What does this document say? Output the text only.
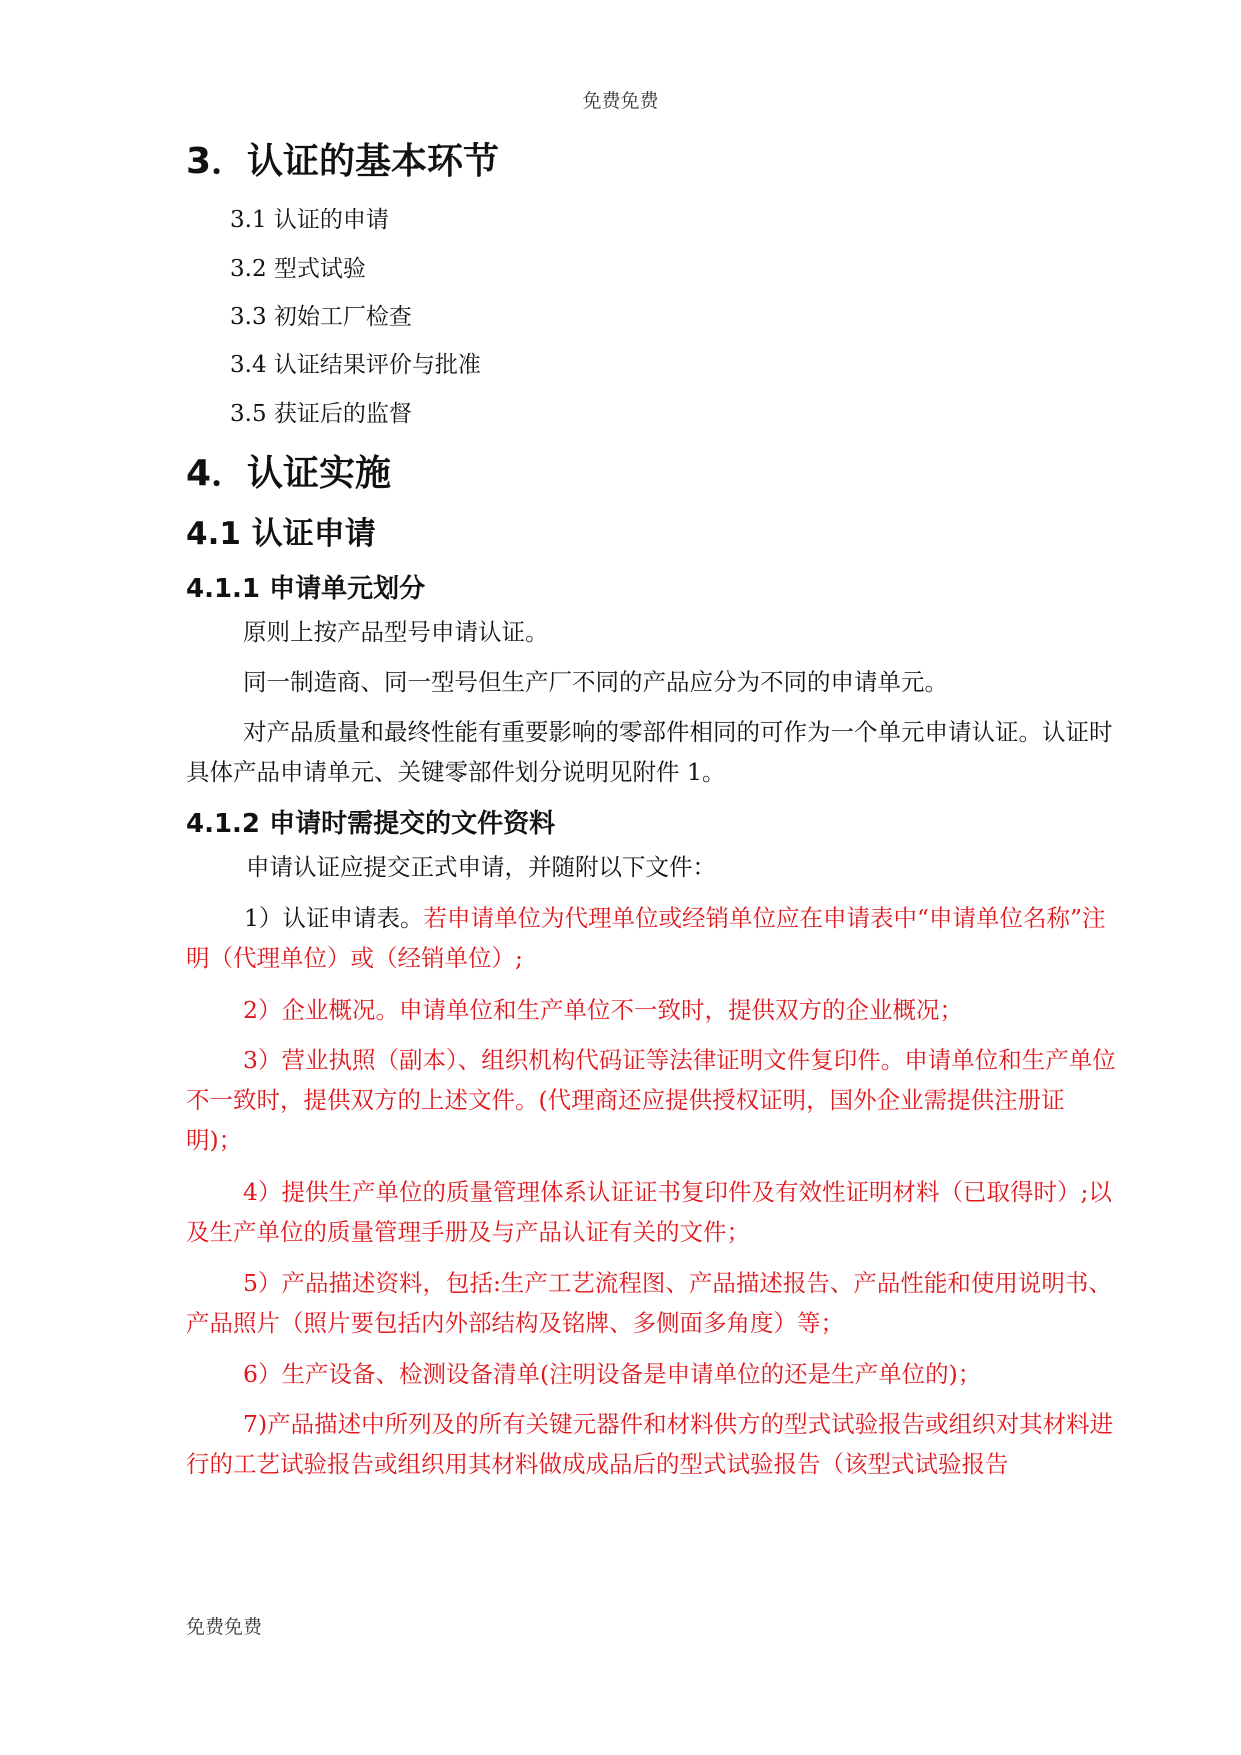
免费免费
3．认证的基本环节
3.1 认证的申请
3.2 型式试验
3.3 初始工厂检查
3.4 认证结果评价与批准
3.5 获证后的监督
4．认证实施
4.1 认证申请
4.1.1 申请单元划分
原则上按产品型号申请认证。
同一制造商、同一型号但生产厂不同的产品应分为不同的申请单元。
对产品质量和最终性能有重要影响的零部件相同的可作为一个单元申请认证。认证时具体产品申请单元、关键零部件划分说明见附件 1。
4.1.2 申请时需提交的文件资料
申请认证应提交正式申请，并随附以下文件：
1）认证申请表。若申请单位为代理单位或经销单位应在申请表中“申请单位名称”注明（代理单位）或（经销单位）;
2）企业概况。申请单位和生产单位不一致时，提供双方的企业概况；
3）营业执照（副本）、组织机构代码证等法律证明文件复印件。申请单位和生产单位不一致时，提供双方的上述文件。(代理商还应提供授权证明，国外企业需提供注册证明)；
4）提供生产单位的质量管理体系认证证书复印件及有效性证明材料（已取得时）;以及生产单位的质量管理手册及与产品认证有关的文件；
5）产品描述资料，包括:生产工艺流程图、产品描述报告、产品性能和使用说明书、产品照片（照片要包括内外部结构及铭牌、多侧面多角度）等；
6）生产设备、检测设备清单(注明设备是申请单位的还是生产单位的)；
7)产品描述中所列及的所有关键元器件和材料供方的型式试验报告或组织对其材料进行的工艺试验报告或组织用其材料做成成品后的型式试验报告（该型式试验报告
免费免费
